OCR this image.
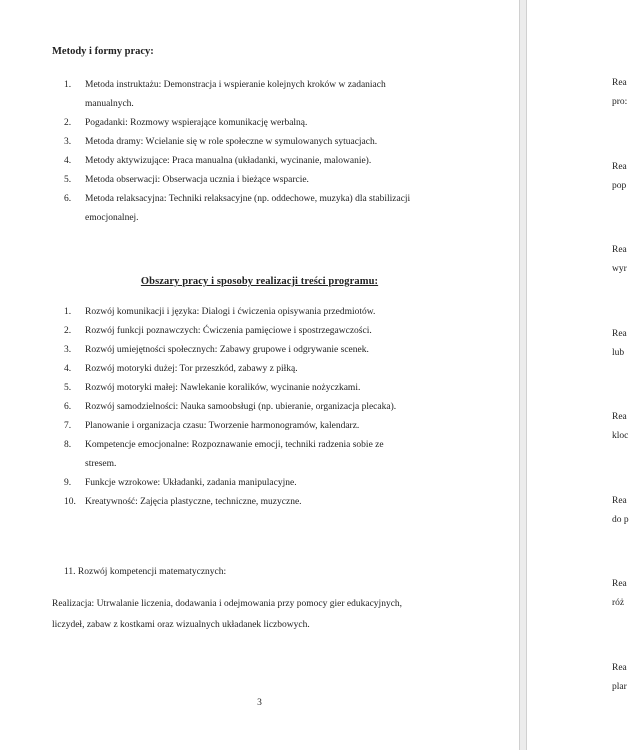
Metody i formy pracy:
1.	Metoda instruktażu: Demonstracja i wspieranie kolejnych kroków w zadaniach
manualnych.
2.	Pogadanki: Rozmowy wspierające komunikację werbalną.
3.	Metoda dramy: Wcielanie się w role społeczne w symulowanych sytuacjach.
4.	Metody aktywizujące: Praca manualna (układanki, wycinanie, malowanie).
5.	Metoda obserwacji: Obserwacja ucznia i bieżące wsparcie.
6.	Metoda relaksacyjna: Techniki relaksacyjne (np. oddechowe, muzyka) dla stabilizacji
emocjonalnej.
Obszary pracy i sposoby realizacji treści programu:
1.	Rozwój komunikacji i języka: Dialogi i ćwiczenia opisywania przedmiotów.
2.	Rozwój funkcji poznawczych: Ćwiczenia pamięciowe i spostrzegawczości.
3.	Rozwój umiejętności społecznych: Zabawy grupowe i odgrywanie scenek.
4.	Rozwój motoryki dużej: Tor przeszkód, zabawy z piłką.
5.	Rozwój motoryki małej: Nawlekanie koralików, wycinanie nożyczkami.
6.	Rozwój samodzielności: Nauka samoobsługi (np. ubieranie, organizacja plecaka).
7.	Planowanie i organizacja czasu: Tworzenie harmonogramów, kalendarz.
8.	Kompetencje emocjonalne: Rozpoznawanie emocji, techniki radzenia sobie ze
stresem.
9.	Funkcje wzrokowe: Układanki, zadania manipulacyjne.
10. Kreatywność: Zajęcia plastyczne, techniczne, muzyczne.
11. Rozwój kompetencji matematycznych:
Realizacja: Utrwalanie liczenia, dodawania i odejmowania przy pomocy gier edukacyjnych,
liczydeł, zabaw z kostkami oraz wizualnych układanek liczbowych.
3
Rea
pro:
Rea
pop
Rea
wyr
Rea
lub
Rea
kloc
Rea
do p
Rea
róż
Rea
plar
